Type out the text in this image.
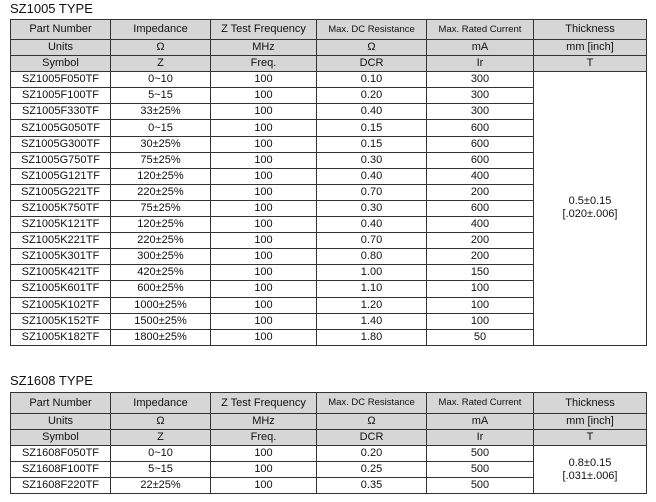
SZ1005 TYPE
Part Number	Impedance	Z Test Frequency	Max. DC Resistance	Max. Rated Current	Thickness
Units	Ω	MHz	Ω	mA	mm [inch]
Symbol	Z	Freq.	DCR	Ir	T
SZ1005F050TF	0~10	100	0.10	300	0.5±0.15
[.020±.006]

SZ1005F100TF	5~15	100	0.20	300	
SZ1005F330TF	33±25%	100	0.40	300	
SZ1005G050TF	0~15	100	0.15	600	
SZ1005G300TF	30±25%	100	0.15	600	
SZ1005G750TF	75±25%	100	0.30	600	
SZ1005G121TF	120±25%	100	0.40	400	
SZ1005G221TF	220±25%	100	0.70	200	
SZ1005K750TF	75±25%	100	0.30	600	
SZ1005K121TF	120±25%	100	0.40	400	
SZ1005K221TF	220±25%	100	0.70	200	
SZ1005K301TF	300±25%	100	0.80	200	
SZ1005K421TF	420±25%	100	1.00	150	
SZ1005K601TF	600±25%	100	1.10	100	
SZ1005K102TF	1000±25%	100	1.20	100	
SZ1005K152TF	1500±25%	100	1.40	100	
SZ1005K182TF	1800±25%	100	1.80	50	
SZ1608 TYPE
Part Number	Impedance	Z Test Frequency	Max. DC Resistance	Max. Rated Current	Thickness
Units	Ω	MHz	Ω	mA	mm [inch]
Symbol	Z	Freq.	DCR	Ir	T
SZ1608F050TF	0~10	100	0.20	500	0.8±0.15
[.031±.006]

SZ1608F100TF	5~15	100	0.25	500	
SZ1608F220TF	22±25%	100	0.35	500	
